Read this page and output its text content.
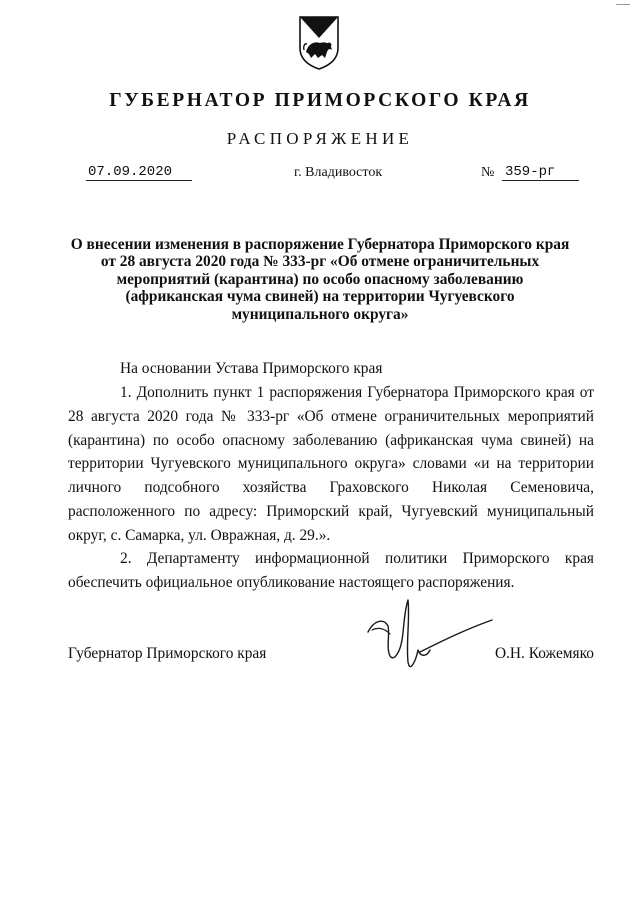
ГУБЕРНАТОР ПРИМОРСКОГО КРАЯ
РАСПОРЯЖЕНИЕ
07.09.2020	г. Владивосток	№ 359-рг

О внесении изменения в распоряжение Губернатора Приморского края от 28 августа 2020 года № 333-рг «Об отмене ограничительных мероприятий (карантина) по особо опасному заболеванию (африканская чума свиней) на территории Чугуевского муниципального округа»

На основании Устава Приморского края

1. Дополнить пункт 1 распоряжения Губернатора Приморского края от 28 августа 2020 года № 333-рг «Об отмене ограничительных мероприятий (карантина) по особо опасному заболеванию (африканская чума свиней) на территории Чугуевского муниципального округа» словами «и на территории личного подсобного хозяйства Граховского Николая Семеновича, расположенного по адресу: Приморский край, Чугуевский муниципальный округ, с. Самарка, ул. Овражная, д. 29.».

2. Департаменту информационной политики Приморского края обеспечить официальное опубликование настоящего распоряжения.

Губернатор Приморского края	О.Н. Кожемяко
